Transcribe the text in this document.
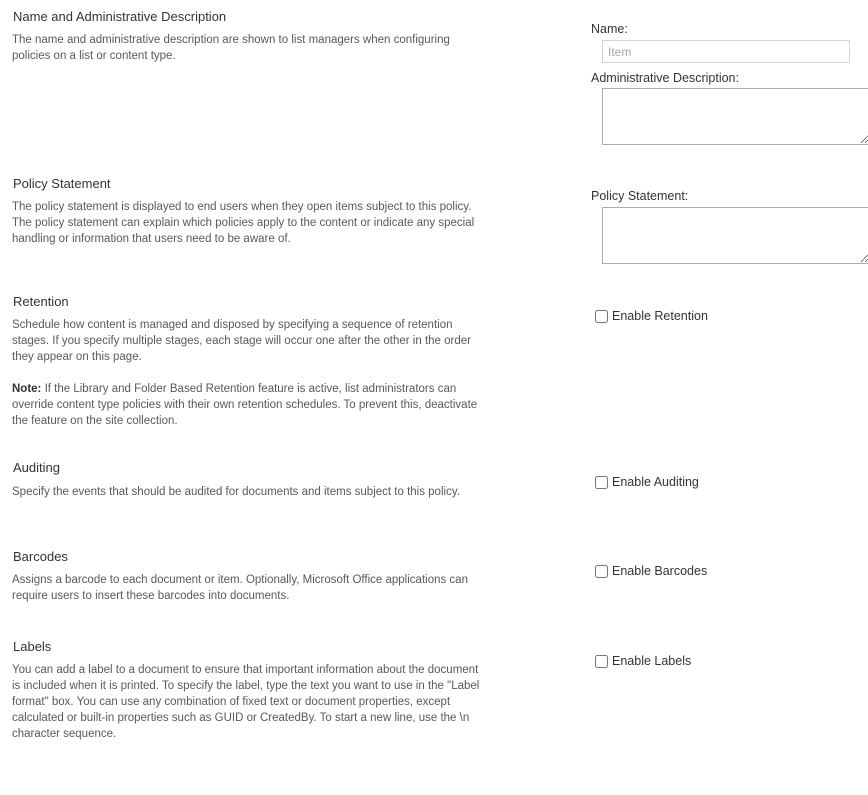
Name and Administrative Description
The name and administrative description are shown to list managers when configuring policies on a list or content type.
Name:
Item
Administrative Description:
Policy Statement
The policy statement is displayed to end users when they open items subject to this policy. The policy statement can explain which policies apply to the content or indicate any special handling or information that users need to be aware of.
Policy Statement:
Retention

Schedule how content is managed and disposed by specifying a sequence of retention stages. If you specify multiple stages, each stage will occur one after the other in the order they appear on this page.

Note: If the Library and Folder Based Retention feature is active, list administrators can override content type policies with their own retention schedules. To prevent this, deactivate the feature on the site collection.

Enable Retention
Auditing
Specify the events that should be audited for documents and items subject to this policy.
Enable Auditing
Barcodes
Assigns a barcode to each document or item. Optionally, Microsoft Office applications can require users to insert these barcodes into documents.
Enable Barcodes
Labels
You can add a label to a document to ensure that important information about the document is included when it is printed. To specify the label, type the text you want to use in the "Label format" box. You can use any combination of fixed text or document properties, except calculated or built-in properties such as GUID or CreatedBy. To start a new line, use the \n character sequence.
Enable Labels
